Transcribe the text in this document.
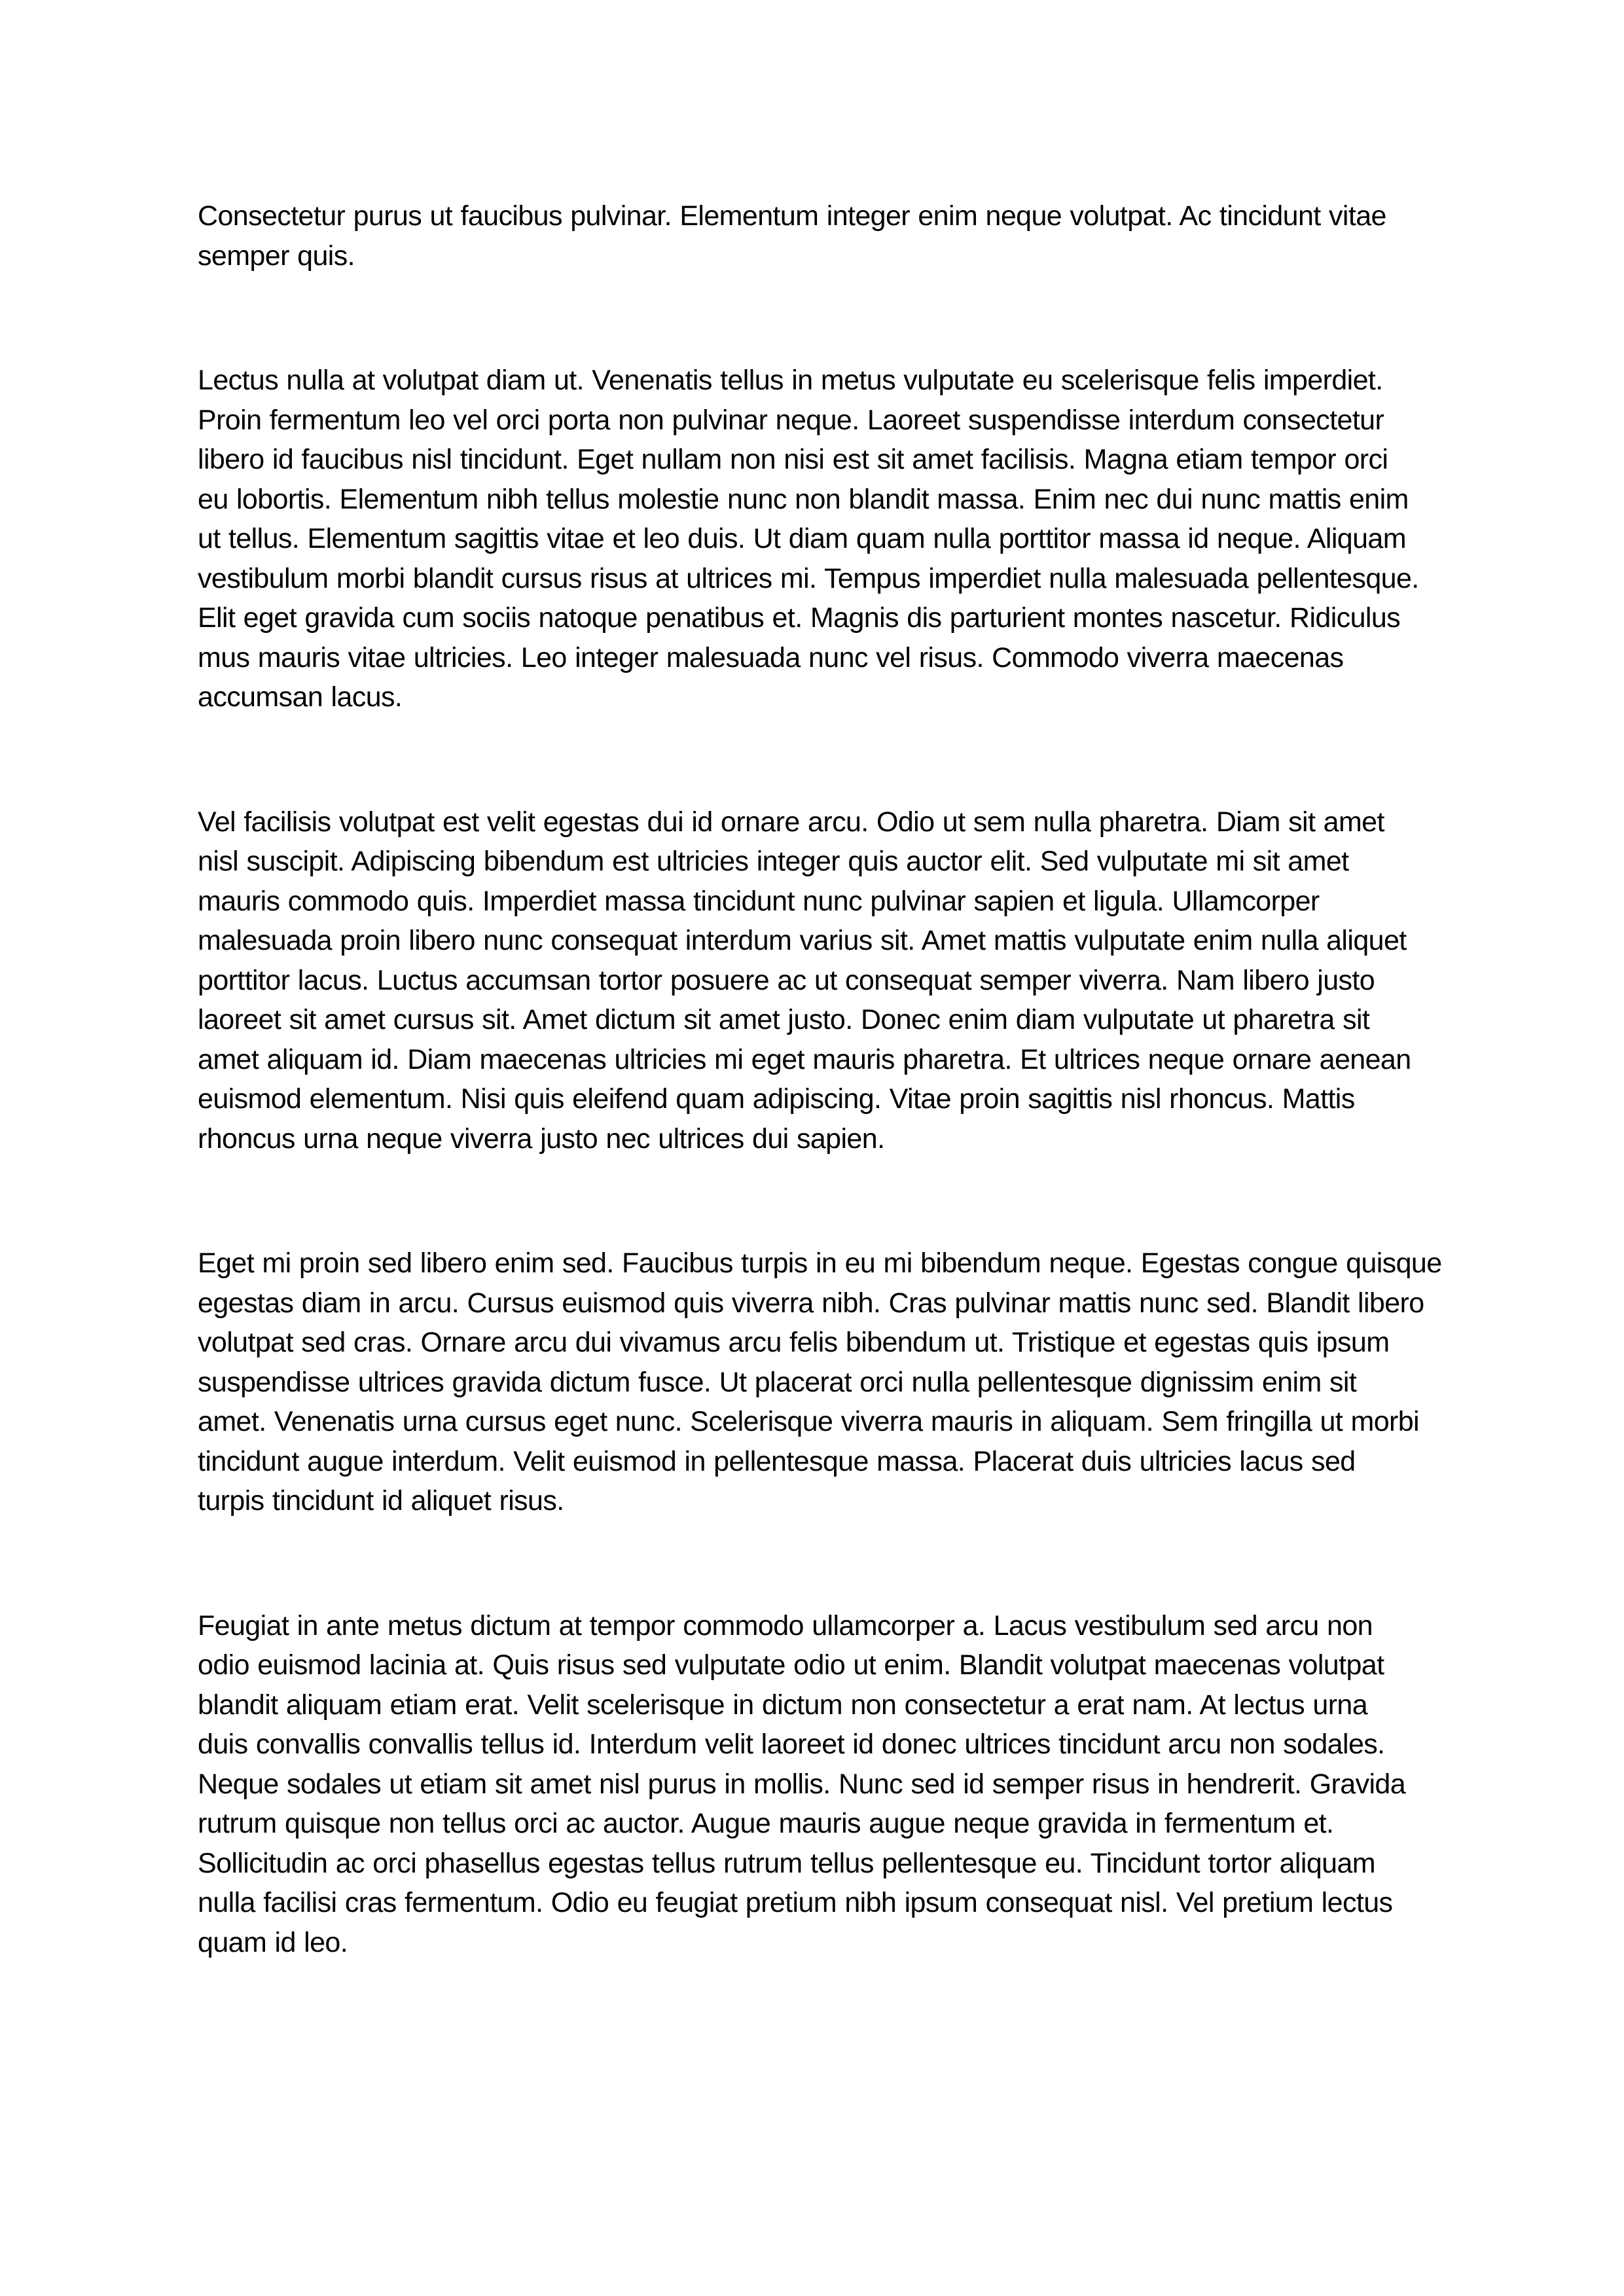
Consectetur purus ut faucibus pulvinar. Elementum integer enim neque volutpat. Ac tincidunt vitae
semper quis.

Lectus nulla at volutpat diam ut. Venenatis tellus in metus vulputate eu scelerisque felis imperdiet.
Proin fermentum leo vel orci porta non pulvinar neque. Laoreet suspendisse interdum consectetur
libero id faucibus nisl tincidunt. Eget nullam non nisi est sit amet facilisis. Magna etiam tempor orci
eu lobortis. Elementum nibh tellus molestie nunc non blandit massa. Enim nec dui nunc mattis enim
ut tellus. Elementum sagittis vitae et leo duis. Ut diam quam nulla porttitor massa id neque. Aliquam
vestibulum morbi blandit cursus risus at ultrices mi. Tempus imperdiet nulla malesuada pellentesque.
Elit eget gravida cum sociis natoque penatibus et. Magnis dis parturient montes nascetur. Ridiculus
mus mauris vitae ultricies. Leo integer malesuada nunc vel risus. Commodo viverra maecenas
accumsan lacus.

Vel facilisis volutpat est velit egestas dui id ornare arcu. Odio ut sem nulla pharetra. Diam sit amet
nisl suscipit. Adipiscing bibendum est ultricies integer quis auctor elit. Sed vulputate mi sit amet
mauris commodo quis. Imperdiet massa tincidunt nunc pulvinar sapien et ligula. Ullamcorper
malesuada proin libero nunc consequat interdum varius sit. Amet mattis vulputate enim nulla aliquet
porttitor lacus. Luctus accumsan tortor posuere ac ut consequat semper viverra. Nam libero justo
laoreet sit amet cursus sit. Amet dictum sit amet justo. Donec enim diam vulputate ut pharetra sit
amet aliquam id. Diam maecenas ultricies mi eget mauris pharetra. Et ultrices neque ornare aenean
euismod elementum. Nisi quis eleifend quam adipiscing. Vitae proin sagittis nisl rhoncus. Mattis
rhoncus urna neque viverra justo nec ultrices dui sapien.

Eget mi proin sed libero enim sed. Faucibus turpis in eu mi bibendum neque. Egestas congue quisque
egestas diam in arcu. Cursus euismod quis viverra nibh. Cras pulvinar mattis nunc sed. Blandit libero
volutpat sed cras. Ornare arcu dui vivamus arcu felis bibendum ut. Tristique et egestas quis ipsum
suspendisse ultrices gravida dictum fusce. Ut placerat orci nulla pellentesque dignissim enim sit
amet. Venenatis urna cursus eget nunc. Scelerisque viverra mauris in aliquam. Sem fringilla ut morbi
tincidunt augue interdum. Velit euismod in pellentesque massa. Placerat duis ultricies lacus sed
turpis tincidunt id aliquet risus.

Feugiat in ante metus dictum at tempor commodo ullamcorper a. Lacus vestibulum sed arcu non
odio euismod lacinia at. Quis risus sed vulputate odio ut enim. Blandit volutpat maecenas volutpat
blandit aliquam etiam erat. Velit scelerisque in dictum non consectetur a erat nam. At lectus urna
duis convallis convallis tellus id. Interdum velit laoreet id donec ultrices tincidunt arcu non sodales.
Neque sodales ut etiam sit amet nisl purus in mollis. Nunc sed id semper risus in hendrerit. Gravida
rutrum quisque non tellus orci ac auctor. Augue mauris augue neque gravida in fermentum et.
Sollicitudin ac orci phasellus egestas tellus rutrum tellus pellentesque eu. Tincidunt tortor aliquam
nulla facilisi cras fermentum. Odio eu feugiat pretium nibh ipsum consequat nisl. Vel pretium lectus
quam id leo.
